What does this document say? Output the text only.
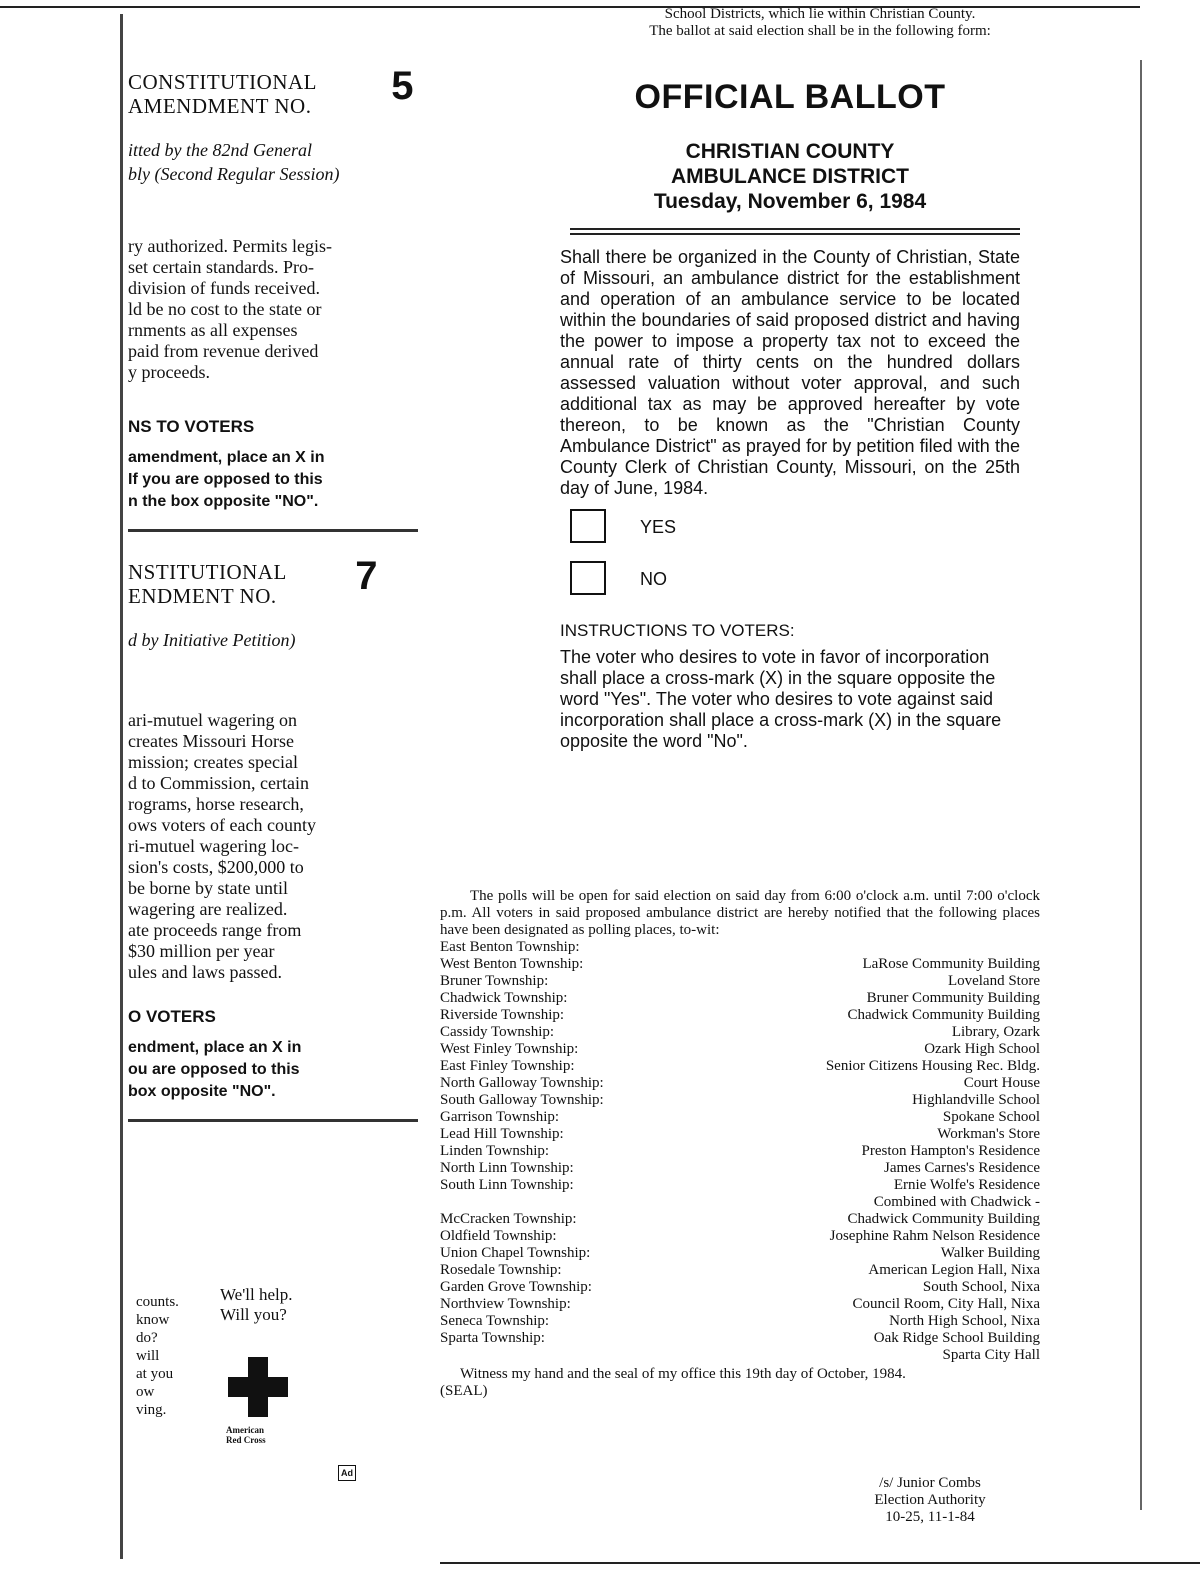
School Districts, which lie within Christian County.
The ballot at said election shall be in the following form:
CONSTITUTIONAL
AMENDMENT NO.	5
itted by the 82nd General
bly (Second Regular Session)
ry authorized. Permits legis-
set certain standards. Pro-
division of funds received.
ld be no cost to the state or
rnments as all expenses
paid from revenue derived
y proceeds.
NS TO VOTERS
amendment, place an X in
If you are opposed to this
n the box opposite "NO".
NSTITUTIONAL
ENDMENT NO.	7
d by Initiative Petition)
ari-mutuel wagering on
creates Missouri Horse
mission; creates special
d to Commission, certain
rograms, horse research,
ows voters of each county
ri-mutuel wagering loc-
sion's costs, $200,000 to
be borne by state until
wagering are realized.
ate proceeds range from
$30 million per year
ules and laws passed.
O VOTERS
endment, place an X in
ou are opposed to this
box opposite "NO".
counts.
know
do?
will
at you
ow
ving.
We'll help.
Will you?
American
Red Cross
Ad
OFFICIAL BALLOT
CHRISTIAN COUNTY
AMBULANCE DISTRICT
Tuesday, November 6, 1984
Shall there be organized in the County of Christian, State of Missouri, an ambulance district for the establishment and operation of an ambulance service to be located within the boundaries of said proposed district and having the power to impose a property tax not to exceed the annual rate of thirty cents on the hundred dollars assessed valuation without voter approval, and such additional tax as may be approved hereafter by vote thereon, to be known as the "Christian County Ambulance District" as prayed for by petition filed with the County Clerk of Christian County, Missouri, on the 25th day of June, 1984.
YES
NO
INSTRUCTIONS TO VOTERS:
The voter who desires to vote in favor of incorporation shall place a cross-mark (X) in the square opposite the word "Yes". The voter who desires to vote against said incorporation shall place a cross-mark (X) in the square opposite the word "No".
The polls will be open for said election on said day from 6:00 o'clock a.m. until 7:00 o'clock p.m. All voters in said proposed ambulance district are hereby notified that the following places have been designated as polling places, to-wit:
East Benton Township:
West Benton Township:	LaRose Community Building
Bruner Township:	Loveland Store
Chadwick Township:	Bruner Community Building
Riverside Township:	Chadwick Community Building
Cassidy Township:	Library, Ozark
West Finley Township:	Ozark High School
East Finley Township:	Senior Citizens Housing Rec. Bldg.
North Galloway Township:	Court House
South Galloway Township:	Highlandville School
Garrison Township:	Spokane School
Lead Hill Township:	Workman's Store
Linden Township:	Preston Hampton's Residence
North Linn Township:	James Carnes's Residence
South Linn Township:	Ernie Wolfe's Residence
Combined with Chadwick -
McCracken Township:	Chadwick Community Building
Oldfield Township:	Josephine Rahm Nelson Residence
Union Chapel Township:	Walker Building
Rosedale Township:	American Legion Hall, Nixa
Garden Grove Township:	South School, Nixa
Northview Township:	Council Room, City Hall, Nixa
Seneca Township:	North High School, Nixa
Sparta Township:	Oak Ridge School Building
Sparta City Hall
Witness my hand and the seal of my office this 19th day of October, 1984.
(SEAL)
/s/ Junior Combs
Election Authority
10-25, 11-1-84
